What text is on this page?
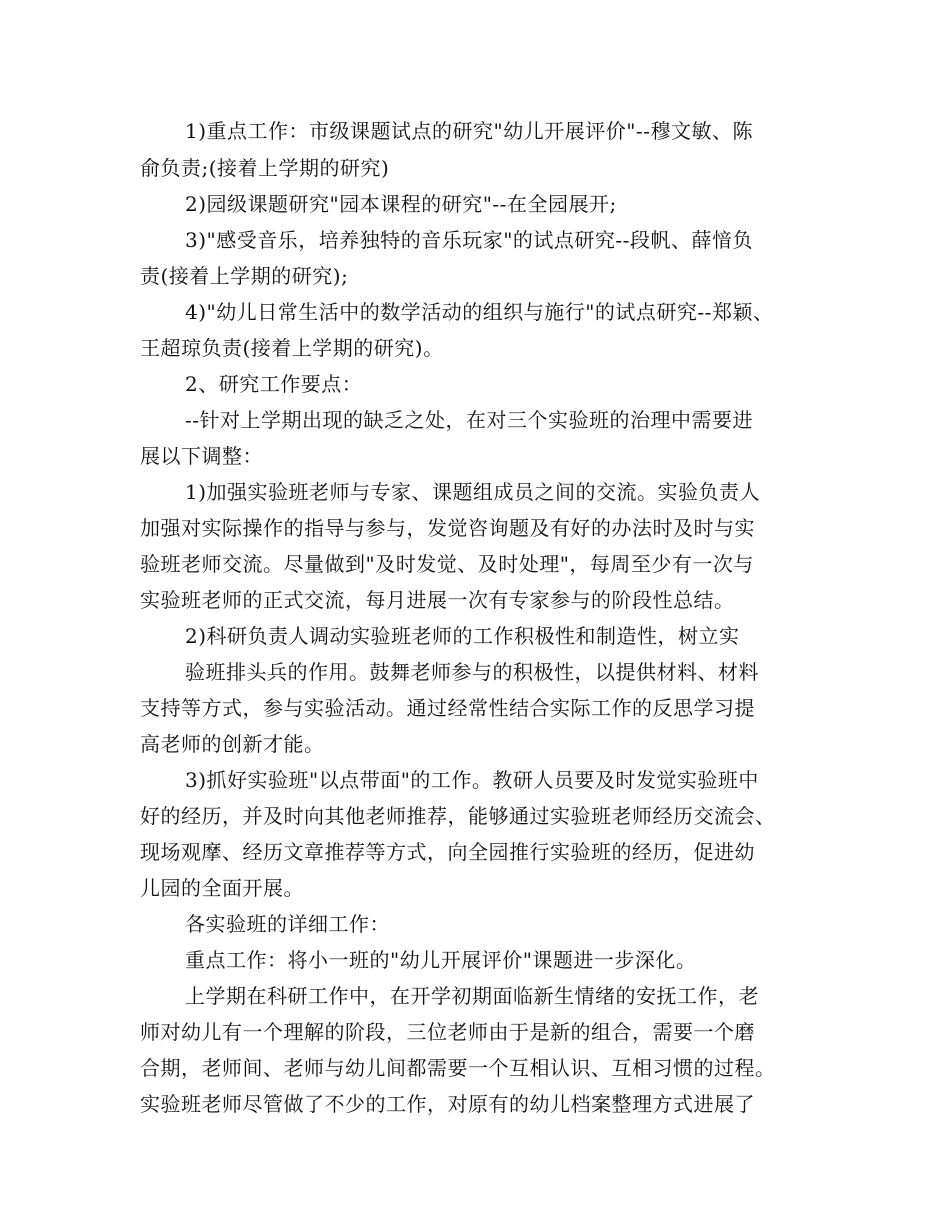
1)重点工作：市级课题试点的研究"幼儿开展评价"--穆文敏、陈
俞负责;(接着上学期的研究)
2)园级课题研究"园本课程的研究"--在全园展开;
3)"感受音乐，培养独特的音乐玩家"的试点研究--段帆、薛愔负
责(接着上学期的研究);
4)"幼儿日常生活中的数学活动的组织与施行"的试点研究--郑颖、
王超琼负责(接着上学期的研究)。
2、研究工作要点：
--针对上学期出现的缺乏之处，在对三个实验班的治理中需要进
展以下调整：
1)加强实验班老师与专家、课题组成员之间的交流。实验负责人
加强对实际操作的指导与参与，发觉咨询题及有好的办法时及时与实
验班老师交流。尽量做到"及时发觉、及时处理"，每周至少有一次与
实验班老师的正式交流，每月进展一次有专家参与的阶段性总结。
2)科研负责人调动实验班老师的工作积极性和制造性，树立实
验班排头兵的作用。鼓舞老师参与的积极性，以提供材料、材料
支持等方式，参与实验活动。通过经常性结合实际工作的反思学习提
高老师的创新才能。
3)抓好实验班"以点带面"的工作。教研人员要及时发觉实验班中
好的经历，并及时向其他老师推荐，能够通过实验班老师经历交流会、
现场观摩、经历文章推荐等方式，向全园推行实验班的经历，促进幼
儿园的全面开展。
各实验班的详细工作：
重点工作：将小一班的"幼儿开展评价"课题进一步深化。
上学期在科研工作中，在开学初期面临新生情绪的安抚工作，老
师对幼儿有一个理解的阶段，三位老师由于是新的组合，需要一个磨
合期，老师间、老师与幼儿间都需要一个互相认识、互相习惯的过程。
实验班老师尽管做了不少的工作，对原有的幼儿档案整理方式进展了
